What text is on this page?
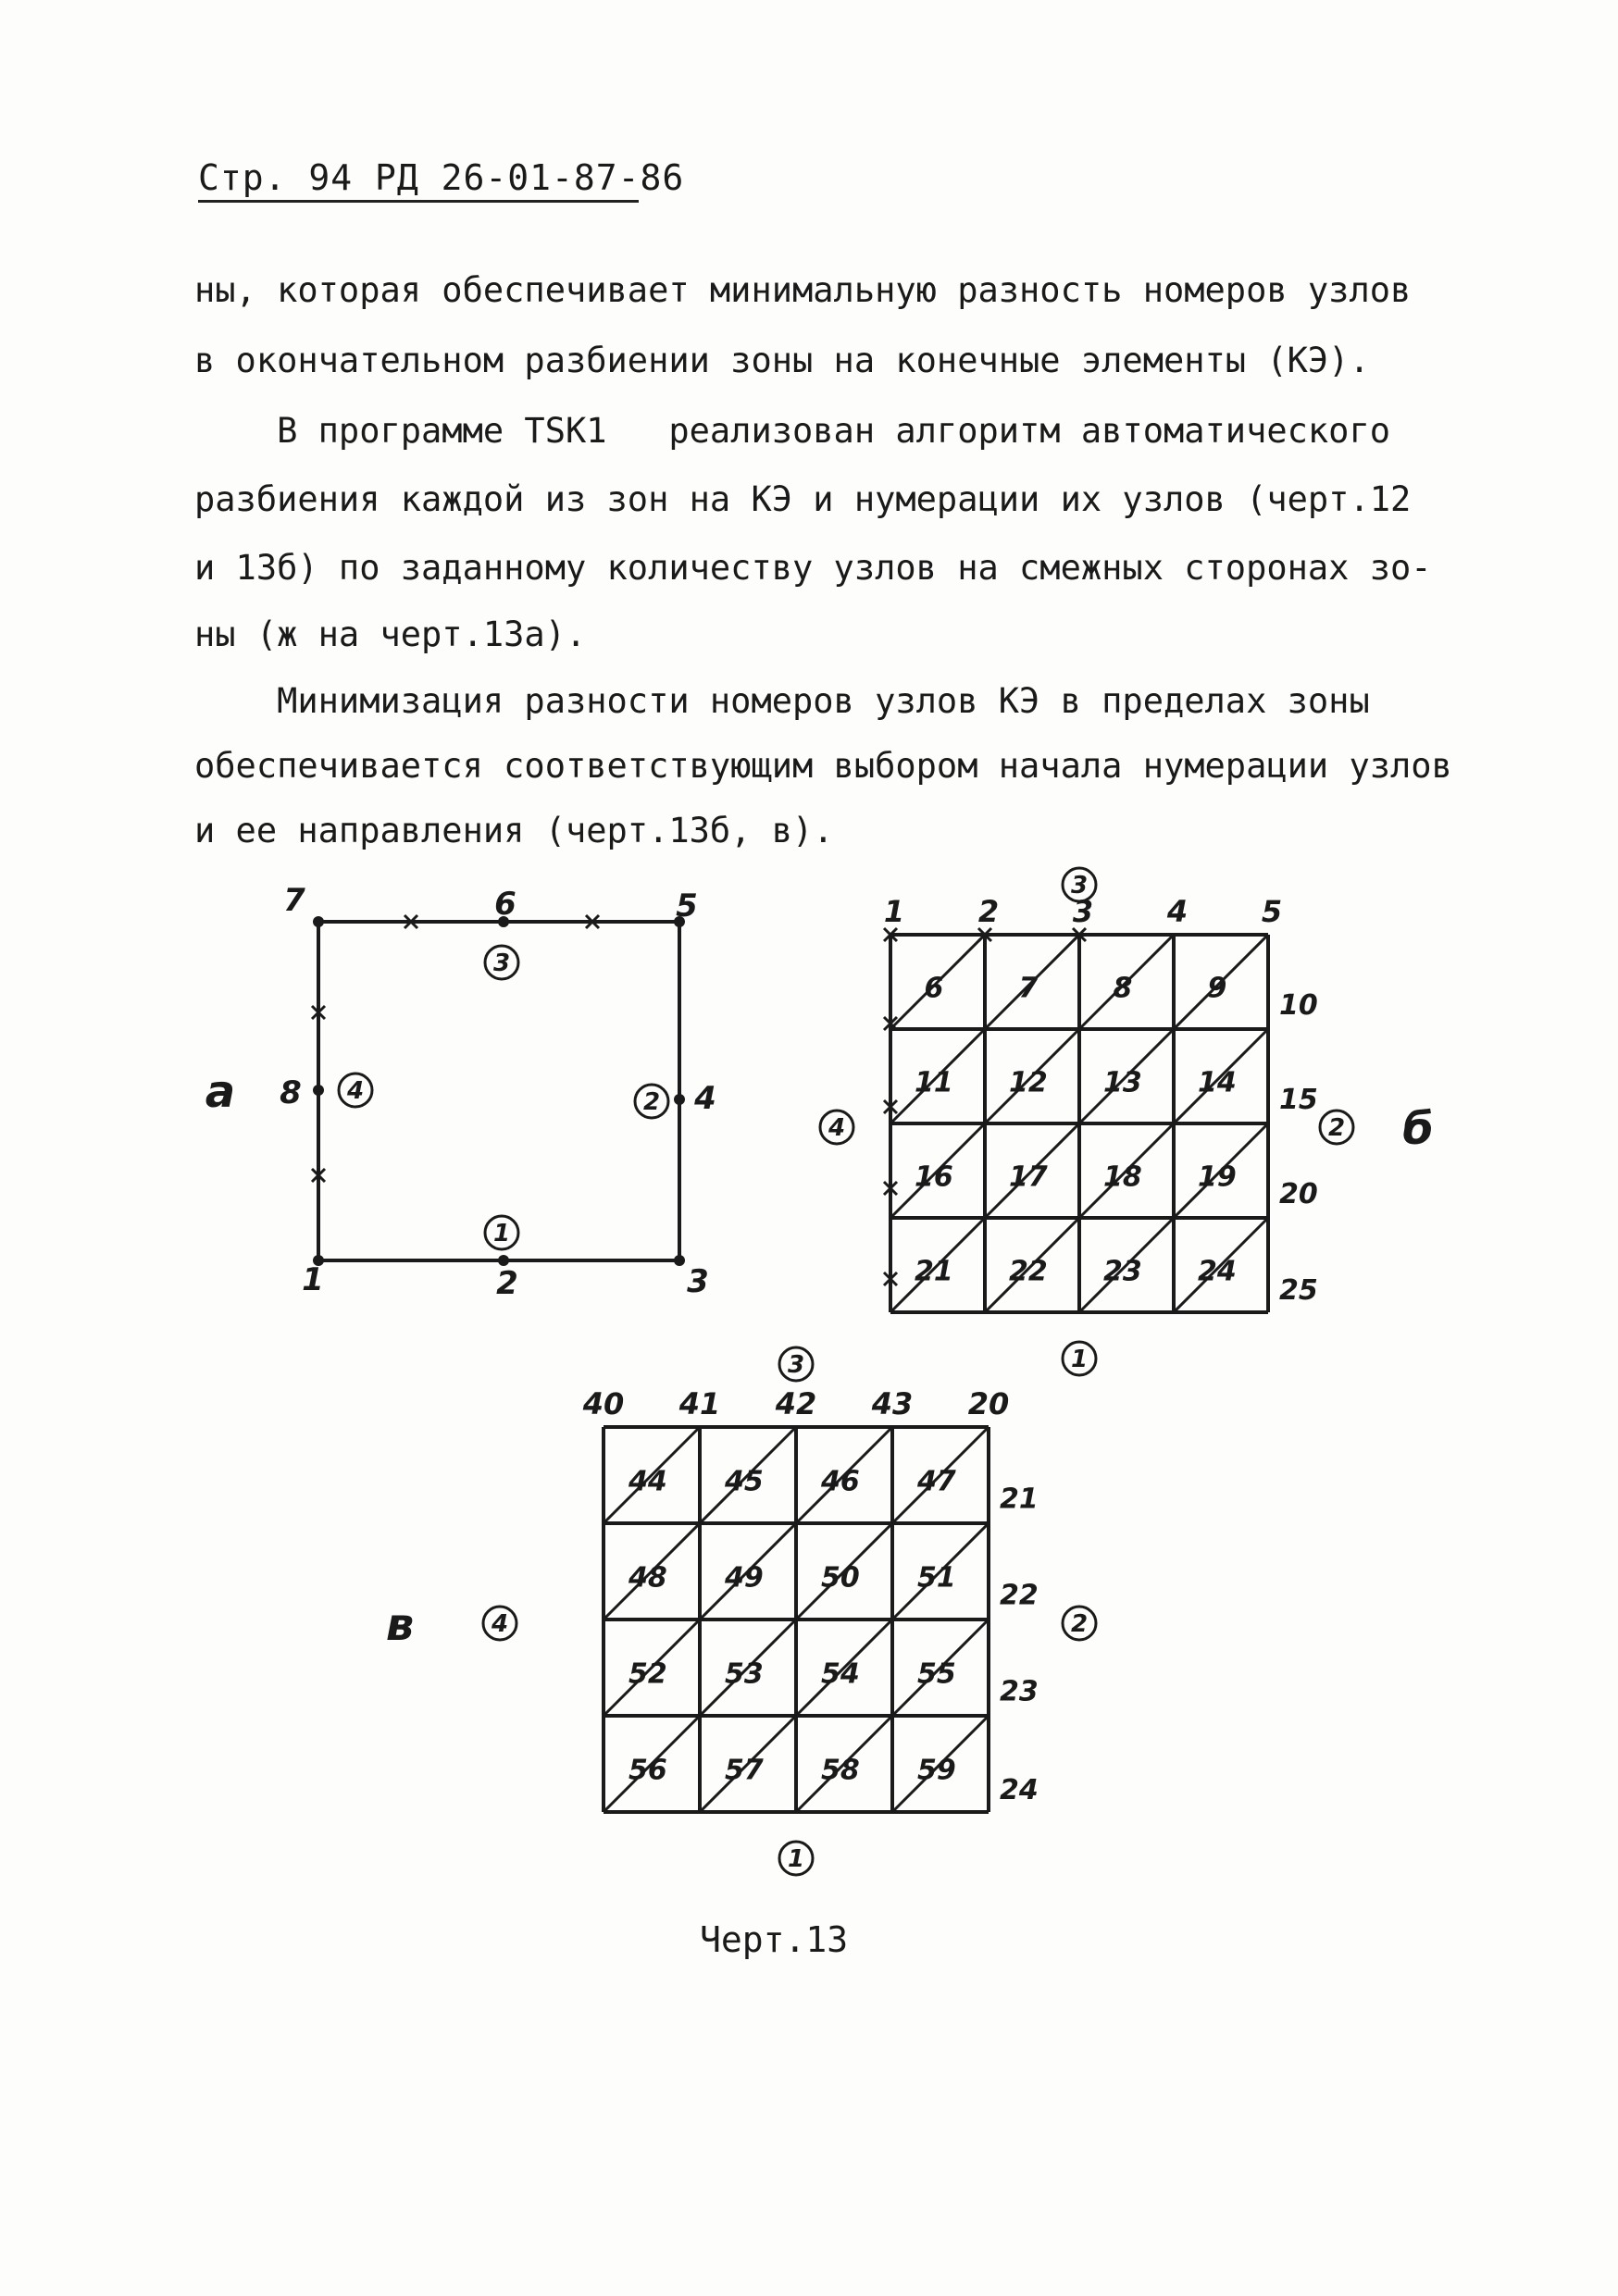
Стр. 94 РД 26-01-87-86
ны, которая обеспечивает минимальную разность номеров узлов
в окончательном разбиении зоны на конечные элементы (КЭ).
В программе TSK1   реализован алгоритм автоматического
разбиения каждой из зон на КЭ и нумерации их узлов (черт.12
и 13б) по заданному количеству узлов на смежных сторонах зо-
ны (ж на черт.13а).
Минимизация разности номеров узлов КЭ в пределах зоны
обеспечивается соответствующим выбором начала нумерации узлов
и ее направления (черт.13б, в).
1	2	3
4
5
6
7
8
1
2
3
4
а
6	7	8	9
11 12 13 14
16 17 18 19
21 22 23 24
1 2 3 4 5
10
15
20
25
1
2
3
4	б
44 45 46 47
48 49 50 51
52 53 54 55
56 57 58 59
40 41 42 43 20
21
22
23
24
1
2
3
4
в
Черт.13
